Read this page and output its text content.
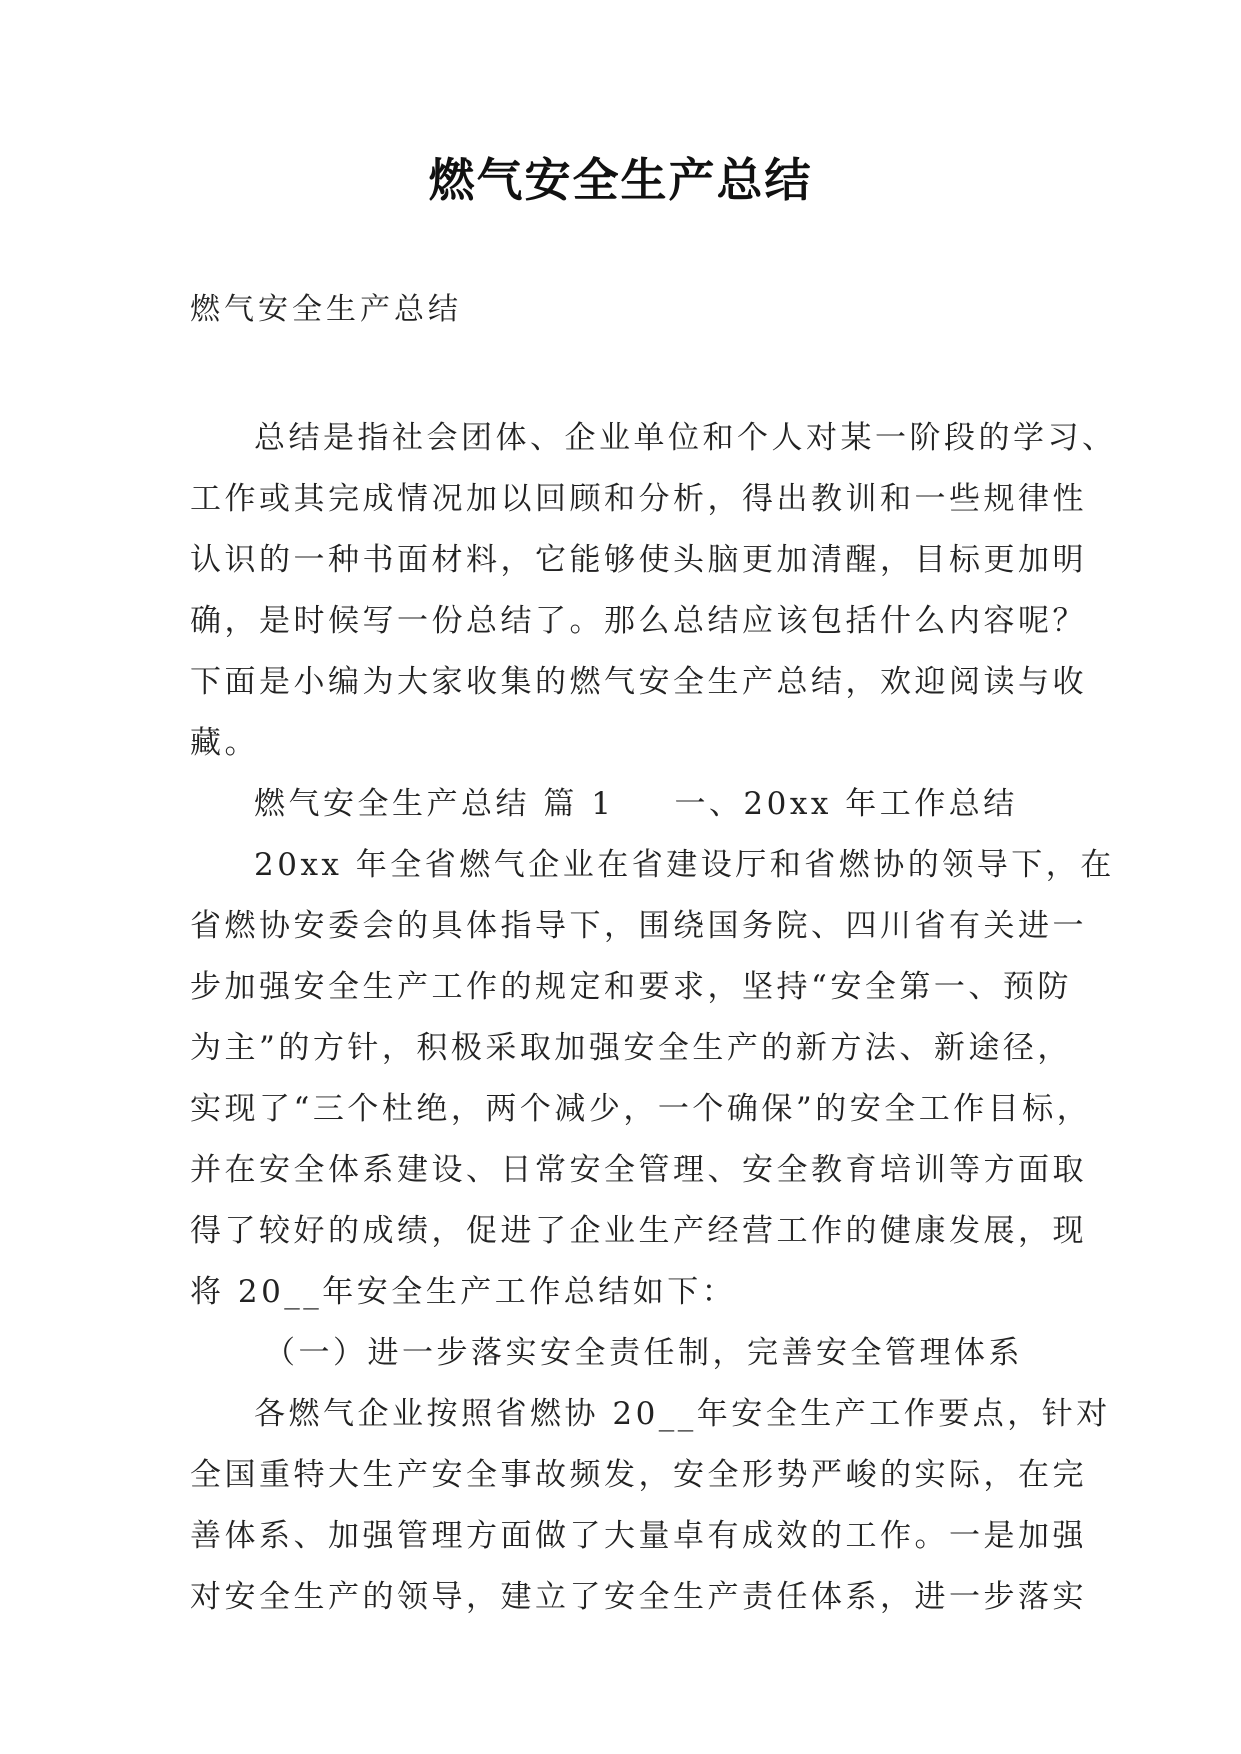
燃气安全生产总结
燃气安全生产总结
总结是指社会团体、企业单位和个人对某一阶段的学习、
工作或其完成情况加以回顾和分析，得出教训和一些规律性
认识的一种书面材料，它能够使头脑更加清醒，目标更加明
确，是时候写一份总结了。那么总结应该包括什么内容呢？
下面是小编为大家收集的燃气安全生产总结，欢迎阅读与收
藏。
燃气安全生产总结 篇 1 一、20xx 年工作总结
20xx 年全省燃气企业在省建设厅和省燃协的领导下，在
省燃协安委会的具体指导下，围绕国务院、四川省有关进一
步加强安全生产工作的规定和要求，坚持“安全第一、预防
为主”的方针，积极采取加强安全生产的新方法、新途径，
实现了“三个杜绝，两个减少，一个确保”的安全工作目标，
并在安全体系建设、日常安全管理、安全教育培训等方面取
得了较好的成绩，促进了企业生产经营工作的健康发展，现
将 20__年安全生产工作总结如下：
（一）进一步落实安全责任制，完善安全管理体系
各燃气企业按照省燃协 20__年安全生产工作要点，针对
全国重特大生产安全事故频发，安全形势严峻的实际，在完
善体系、加强管理方面做了大量卓有成效的工作。一是加强
对安全生产的领导，建立了安全生产责任体系，进一步落实
